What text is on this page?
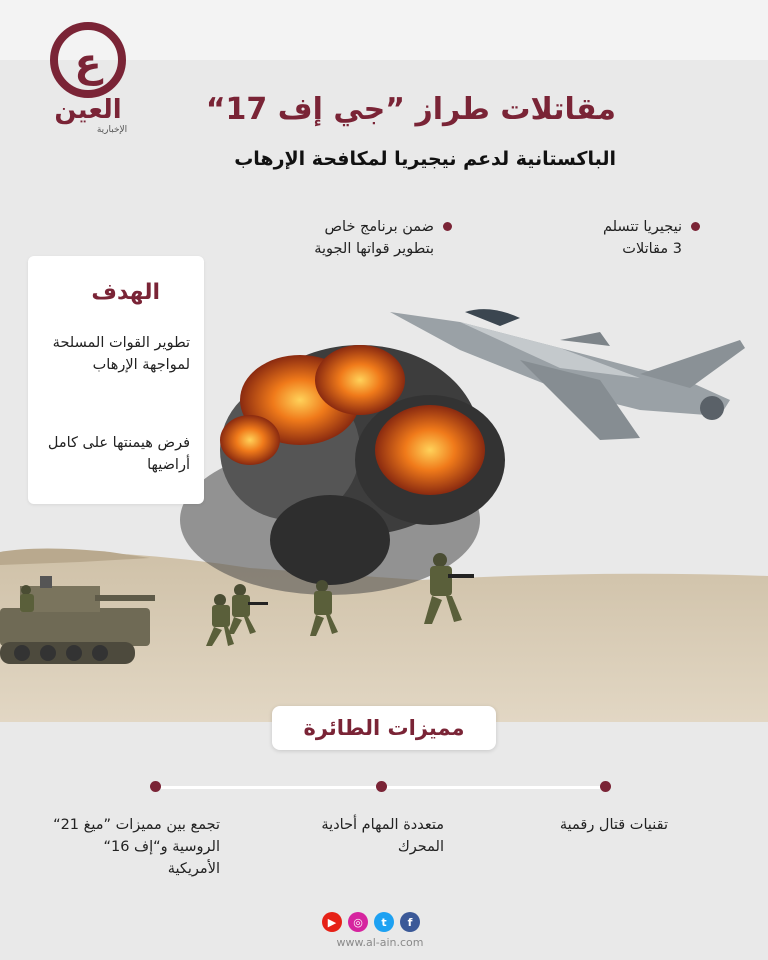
ع
العين
الإخبارية
مقاتلات طراز ”جي إف 17“
الباكستانية لدعم نيجيريا لمكافحة الإرهاب
نيجيريا تتسلم
3 مقاتلات
ضمن برنامج خاص
بتطوير قواتها الجوية
الهدف
تطوير القوات المسلحة لمواجهة الإرهاب
فرض هيمنتها على كامل أراضيها
مميزات الطائرة
تقنيات قتال رقمية
متعددة المهام أحادية المحرك
تجمع بين مميزات ”ميغ 21“ الروسية و“إف 16“ الأمريكية
▶ ◎ t f
www.al-ain.com
